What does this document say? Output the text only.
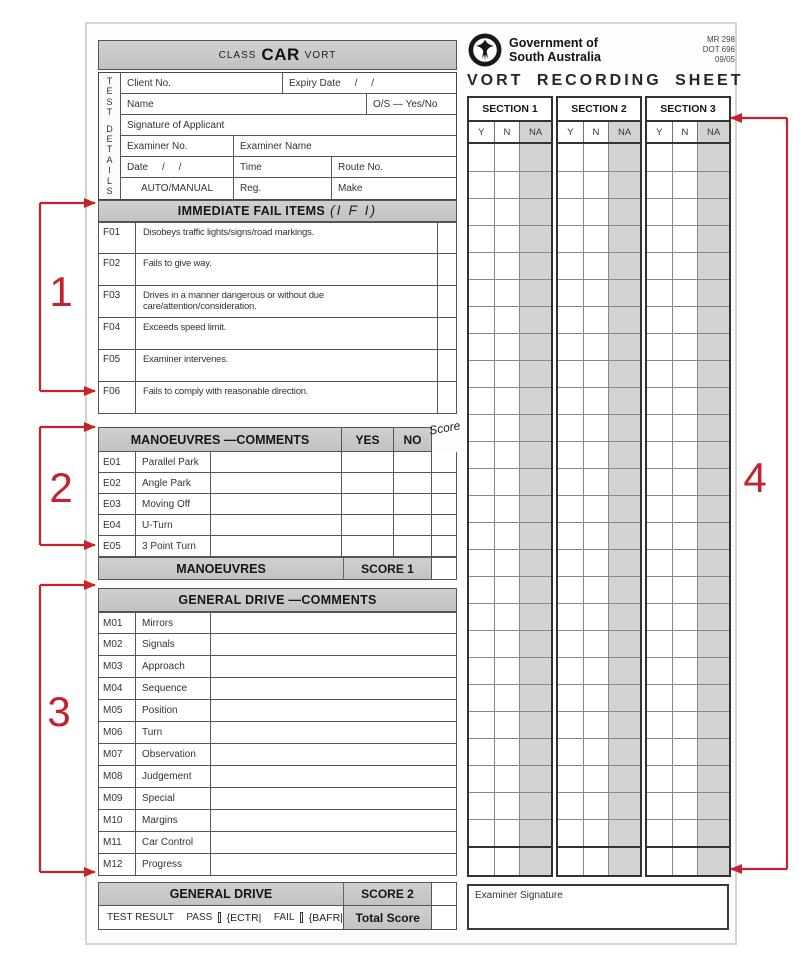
CLASS CAR VORT
T
E
S
T
D
E
T
A
I
L
S
Client No.	Expiry Date     /     /
Name	O/S — Yes/No
Signature of Applicant
Examiner No.	Examiner Name
Date     /     /	Time	Route No.
AUTO/MANUAL	Reg.	Make
IMMEDIATE FAIL ITEMS (I F I)
F01	Disobeys traffic lights/signs/road markings.
F02	Fails to give way.
F03	Drives in a manner dangerous or without due care/attention/consideration.
F04	Exceeds speed limit.
F05	Examiner intervenes.
F06	Fails to comply with reasonable direction.
MANOEUVRES —COMMENTS	YES	NO
Score
E01	Parallel Park
E02	Angle Park
E03	Moving Off
E04	U-Turn
E05	3 Point Turn
MANOEUVRES	SCORE 1
GENERAL DRIVE —COMMENTS
M01	Mirrors
M02	Signals
M03	Approach
M04	Sequence
M05	Position
M06	Turn
M07	Observation
M08	Judgement
M09	Special
M10	Margins
M11	Car Control
M12	Progress
GENERAL DRIVE	SCORE 2
TEST RESULT PASS {ECTR| FAIL {BAFR|	Total Score
Government of
South Australia
MR 298
DOT 696
09/05
VORT RECORDING SHEET
SECTION 1
Y	N	NA
SECTION 2
Y	N	NA
SECTION 3
Y	N	NA
Examiner Signature
1
2
3
4
